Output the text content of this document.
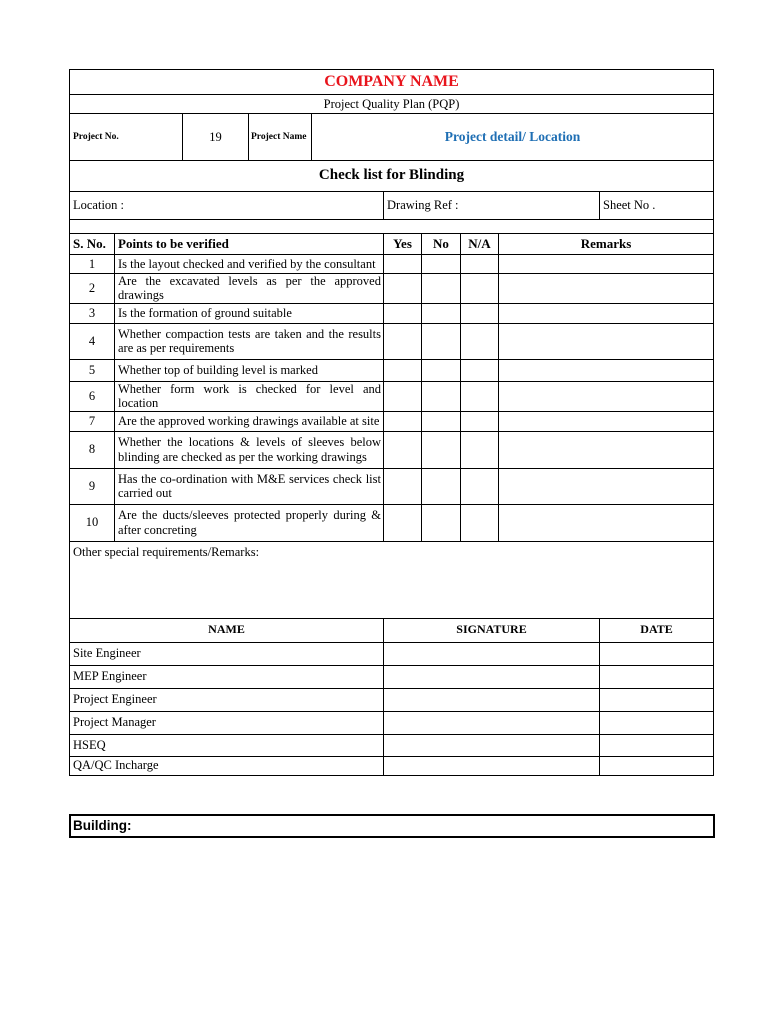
COMPANY NAME								
Project Quality Plan (PQP)								
Project No.		19	Project Name Project detail/ Location					

Check list for Blinding								
Location :				Drawing Ref :				Sheet No .

S. No.	Points to be verified			Yes	No	N/A	Remarks	
1	Is the layout checked and verified by the consultant							
2	Are the excavated levels as per the approved drawings							
3	Is the formation of ground suitable							
4	Whether compaction tests are taken and the results are as per requirements							
5	Whether top of building level is marked							
6	Whether form work is checked for level and location							
7	Are the approved working drawings available at site							
8	Whether the locations & levels of sleeves below blinding are checked as per the working drawings							
9	Has the co-ordination with M&E services check list carried out							
10	Are the ducts/sleeves protected properly during & after concreting							
Other special requirements/Remarks:								
NAME				SIGNATURE				DATE
Site Engineer								
MEP Engineer								
Project Engineer								
Project Manager								
HSEQ								
QA/QC Incharge								
Building:
